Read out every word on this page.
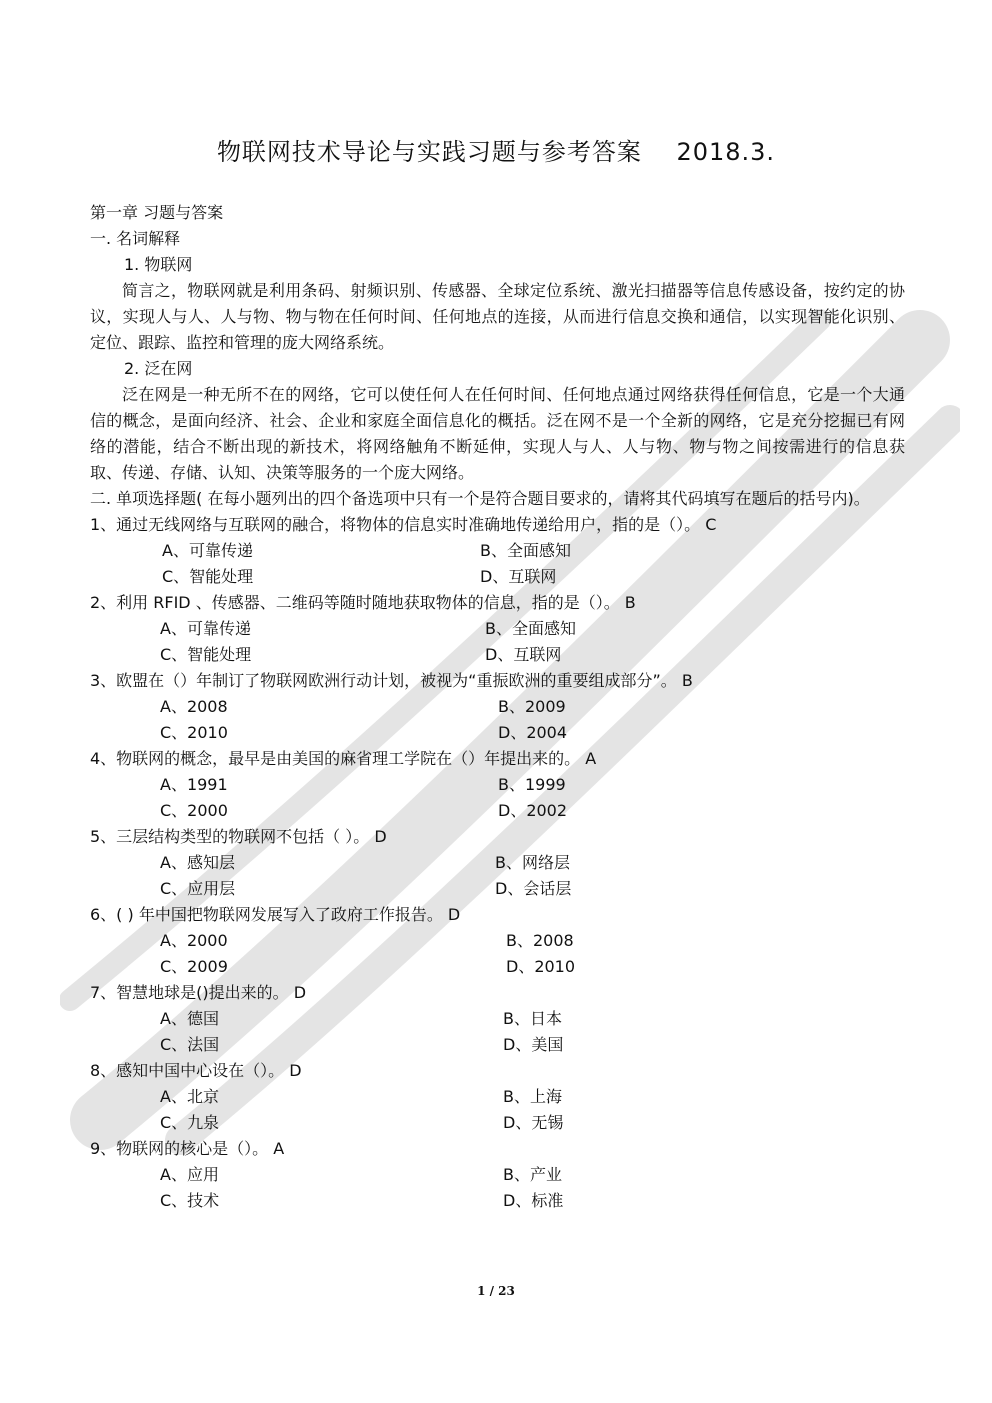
物联网技术导论与实践习题与参考答案    2018.3.
第一章 习题与答案
一. 名词解释
1. 物联网
简言之，物联网就是利用条码、射频识别、传感器、全球定位系统、激光扫描器等信息传感设备，按约定的协议，实现人与人、人与物、物与物在任何时间、任何地点的连接，从而进行信息交换和通信，以实现智能化识别、定位、跟踪、监控和管理的庞大网络系统。
2. 泛在网
泛在网是一种无所不在的网络，它可以使任何人在任何时间、任何地点通过网络获得任何信息，它是一个大通信的概念，是面向经济、社会、企业和家庭全面信息化的概括。泛在网不是一个全新的网络，它是充分挖掘已有网络的潜能，结合不断出现的新技术，将网络触角不断延伸，实现人与人、人与物、物与物之间按需进行的信息获取、传递、存储、认知、决策等服务的一个庞大网络。
二. 单项选择题( 在每小题列出的四个备选项中只有一个是符合题目要求的，请将其代码填写在题后的括号内)。
1、通过无线网络与互联网的融合，将物体的信息实时准确地传递给用户，指的是（）。 C
A、可靠传递	B、全面感知
C、智能处理	D、互联网
2、利用 RFID 、传感器、二维码等随时随地获取物体的信息，指的是（）。 B
A、可靠传递	B、全面感知
C、智能处理	D、互联网
3、欧盟在（）年制订了物联网欧洲行动计划，被视为“重振欧洲的重要组成部分”。 B
A、2008	B、2009
C、2010	D、2004
4、物联网的概念，最早是由美国的麻省理工学院在（）年提出来的。 A
A、1991	B、1999
C、2000	D、2002
5、三层结构类型的物联网不包括（ ）。 D
A、感知层	B、网络层
C、应用层	D、会话层
6、( ) 年中国把物联网发展写入了政府工作报告。 D
A、2000	B、2008
C、2009	D、2010
7、智慧地球是()提出来的。 D
A、德国	B、日本
C、法国	D、美国
8、感知中国中心设在（）。 D
A、北京	B、上海
C、九泉	D、无锡
9、物联网的核心是（）。 A
A、应用	B、产业
C、技术	D、标准
1 / 23
